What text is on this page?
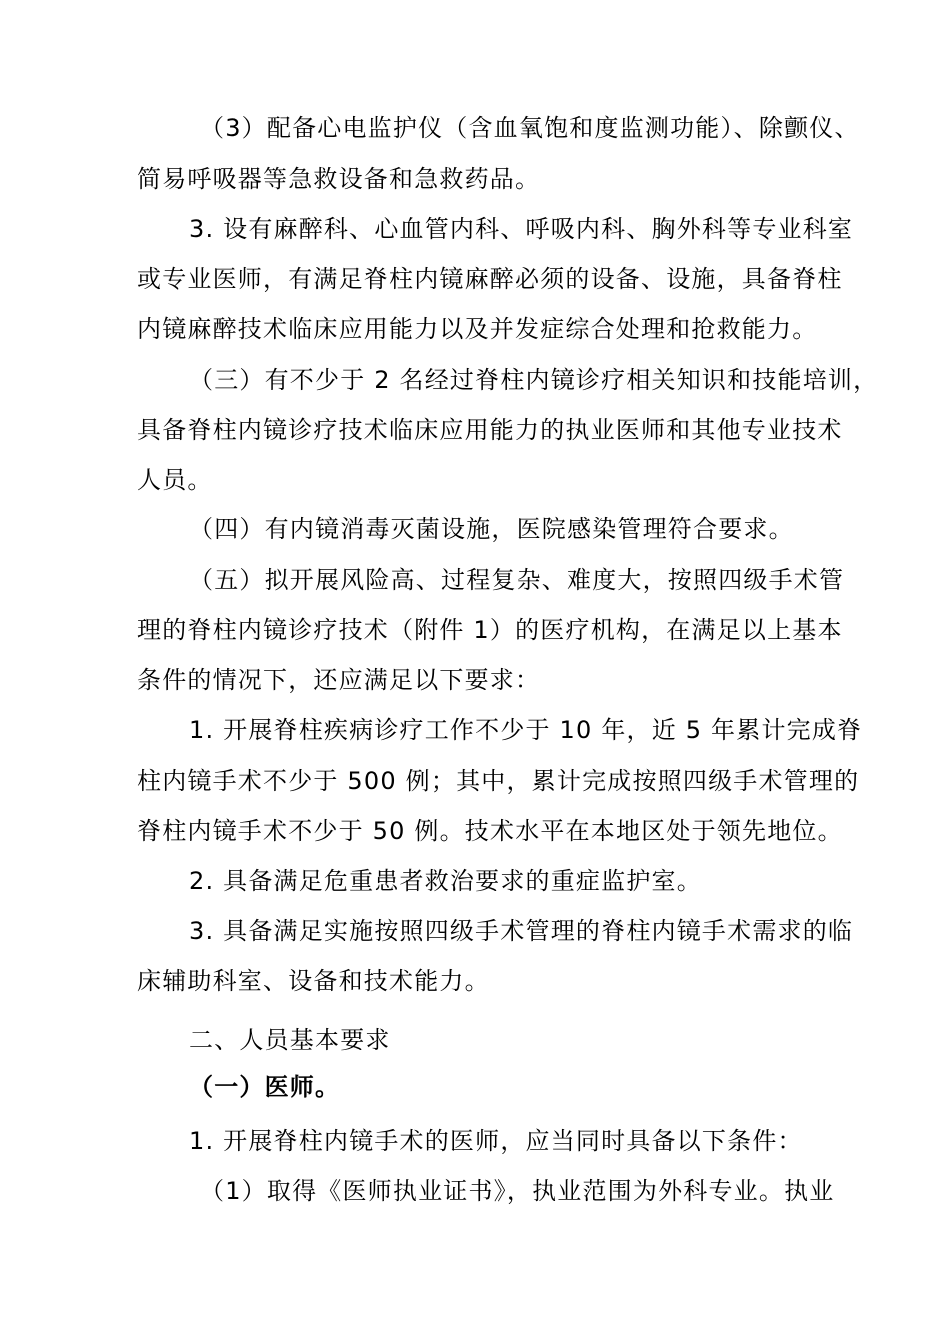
（3）配备心电监护仪（含血氧饱和度监测功能）、除颤仪、
简易呼吸器等急救设备和急救药品。
3. 设有麻醉科、心血管内科、呼吸内科、胸外科等专业科室
或专业医师，有满足脊柱内镜麻醉必须的设备、设施，具备脊柱
内镜麻醉技术临床应用能力以及并发症综合处理和抢救能力。
（三）有不少于 2 名经过脊柱内镜诊疗相关知识和技能培训，
具备脊柱内镜诊疗技术临床应用能力的执业医师和其他专业技术
人员。
（四）有内镜消毒灭菌设施，医院感染管理符合要求。
（五）拟开展风险高、过程复杂、难度大，按照四级手术管
理的脊柱内镜诊疗技术（附件 1）的医疗机构，在满足以上基本
条件的情况下，还应满足以下要求：
1. 开展脊柱疾病诊疗工作不少于 10 年，近 5 年累计完成脊
柱内镜手术不少于 500 例；其中，累计完成按照四级手术管理的
脊柱内镜手术不少于 50 例。技术水平在本地区处于领先地位。
2. 具备满足危重患者救治要求的重症监护室。
3. 具备满足实施按照四级手术管理的脊柱内镜手术需求的临
床辅助科室、设备和技术能力。
二、人员基本要求
（一）医师。
1. 开展脊柱内镜手术的医师，应当同时具备以下条件：
（1）取得《医师执业证书》，执业范围为外科专业。执业
